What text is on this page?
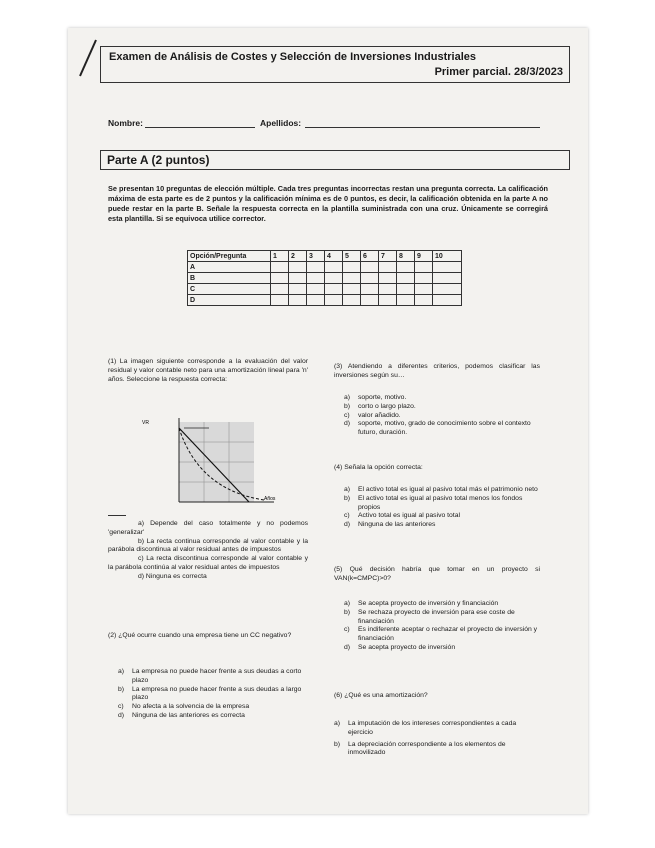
Examen de Análisis de Costes y Selección de Inversiones Industriales
Primer parcial. 28/3/2023
Nombre:	Apellidos:
Parte A (2 puntos)
Se presentan 10 preguntas de elección múltiple. Cada tres preguntas incorrectas restan una pregunta correcta. La calificación máxima de esta parte es de 2 puntos y la calificación mínima es de 0 puntos, es decir, la calificación obtenida en la parte A no puede restar en la parte B. Señale la respuesta correcta en la plantilla suministrada con una cruz. Únicamente se corregirá esta plantilla. Si se equivoca utilice corrector.
Opción/Pregunta	1	2	3	4	5	6	7	8	9	10
A										
B										
C										
D										
(1) La imagen siguiente corresponde a la evaluación del valor residual y valor contable neto para una amortización lineal para 'n' años. Seleccione la respuesta correcta:
VR
Años

a) Depende del caso totalmente y no podemos 'generalizar'

b) La recta continua corresponde al valor contable y la parábola discontinua al valor residual antes de impuestos

c) La recta discontinua corresponde al valor contable y la parábola continúa al valor residual antes de impuestos

d) Ninguna es correcta

(2) ¿Qué ocurre cuando una empresa tiene un CC negativo?

a)	La empresa no puede hacer frente a sus deudas a corto plazo

b)	La empresa no puede hacer frente a sus deudas a largo plazo

c)	No afecta a la solvencia de la empresa

d)	Ninguna de las anteriores es correcta

(3) Atendiendo a diferentes criterios, podemos clasificar las inversiones según su…

a)	soporte, motivo.

b)	corto o largo plazo.

c)	valor añadido.

d)	soporte, motivo, grado de conocimiento sobre el contexto futuro, duración.

(4) Señala la opción correcta:

a)	El activo total es igual al pasivo total más el patrimonio neto

b)	El activo total es igual al pasivo total menos los fondos propios

c)	Activo total es igual al pasivo total

d)	Ninguna de las anteriores

(5) Qué decisión habría que tomar en un proyecto si VAN(k=CMPC)>0?

a)	Se acepta proyecto de inversión y financiación

b)	Se rechaza proyecto de inversión para ese coste de financiación

c)	Es indiferente aceptar o rechazar el proyecto de inversión y financiación

d)	Se acepta proyecto de inversión

(6) ¿Qué es una amortización?

a)	La imputación de los intereses correspondientes a cada ejercicio

b)	La depreciación correspondiente a los elementos de inmovilizado
